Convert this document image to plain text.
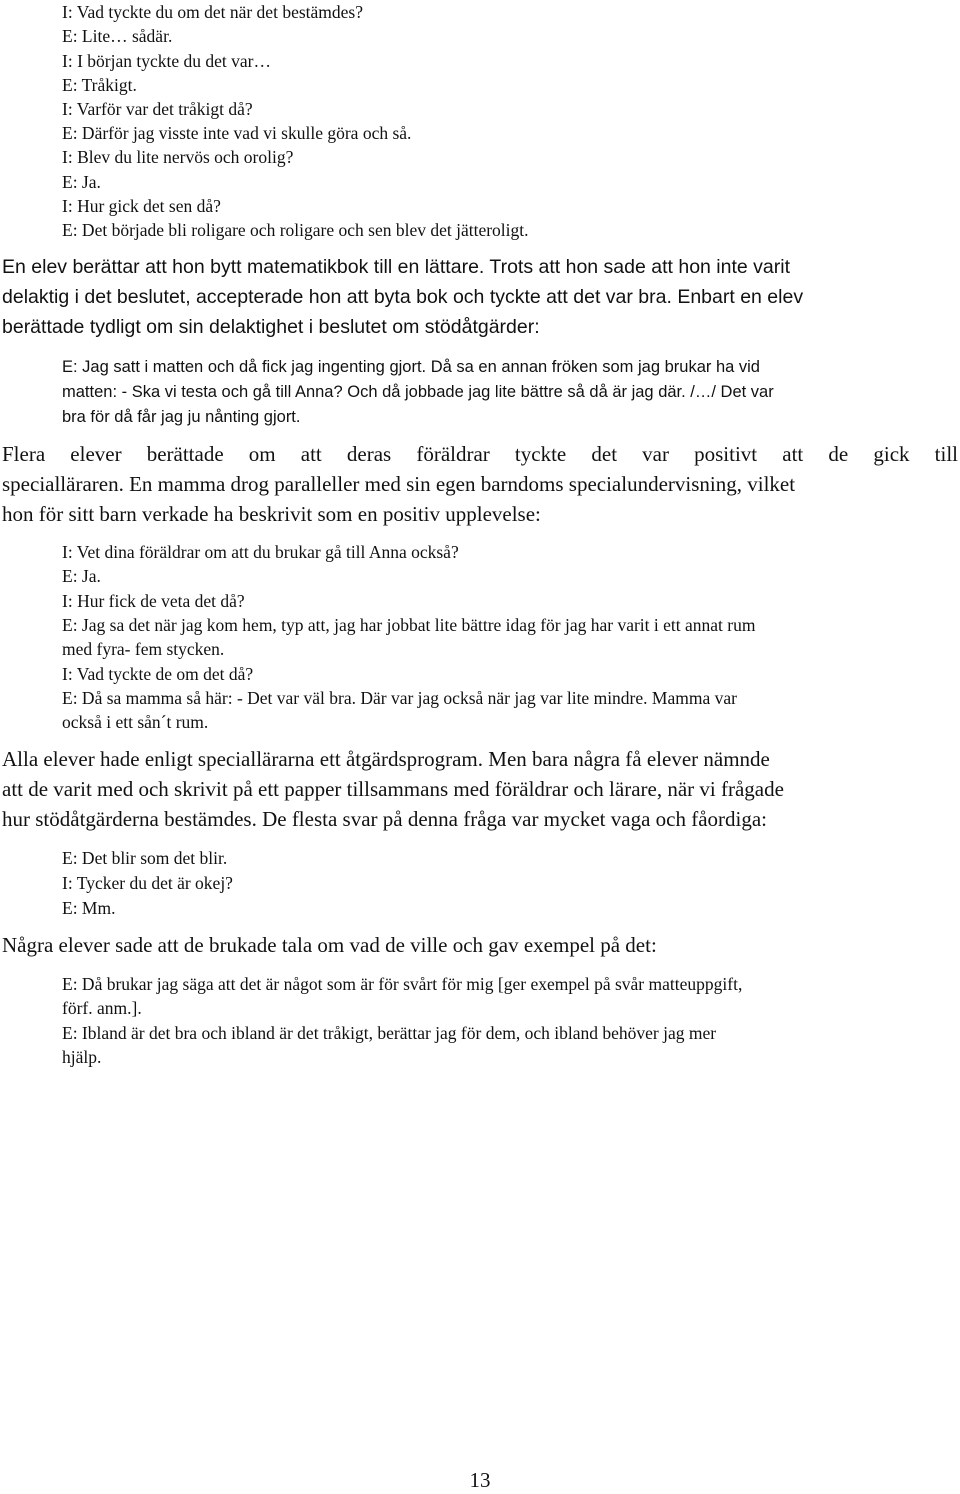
I: Vad tyckte du om det när det bestämdes?
E: Lite… sådär.
I: I början tyckte du det var…
E: Tråkigt.
I: Varför var det tråkigt då?
E: Därför jag visste inte vad vi skulle göra och så.
I: Blev du lite nervös och orolig?
E: Ja.
I: Hur gick det sen då?
E: Det började bli roligare och roligare och sen blev det jätteroligt.
En elev berättar att hon bytt matematikbok till en lättare. Trots att hon sade att hon inte varit
delaktig i det beslutet, accepterade hon att byta bok och tyckte att det var bra. Enbart en elev
berättade tydligt om sin delaktighet i beslutet om stödåtgärder:
E: Jag satt i matten och då fick jag ingenting gjort. Då sa en annan fröken som jag brukar ha vid
matten: - Ska vi testa och gå till Anna? Och då jobbade jag lite bättre så då är jag där. /…/ Det var
bra för då får jag ju nånting gjort.
Flera elever berättade om att deras föräldrar tyckte det var positivt att de gick till
specialläraren. En mamma drog paralleller med sin egen barndoms specialundervisning, vilket
hon för sitt barn verkade ha beskrivit som en positiv upplevelse:
I: Vet dina föräldrar om att du brukar gå till Anna också?
E: Ja.
I: Hur fick de veta det då?
E: Jag sa det när jag kom hem, typ att, jag har jobbat lite bättre idag för jag har varit i ett annat rum
med fyra- fem stycken.
I: Vad tyckte de om det då?
E: Då sa mamma så här: - Det var väl bra. Där var jag också när jag var lite mindre. Mamma var
också i ett sån´t rum.
Alla elever hade enligt speciallärarna ett åtgärdsprogram. Men bara några få elever nämnde
att de varit med och skrivit på ett papper tillsammans med föräldrar och lärare, när vi frågade
hur stödåtgärderna bestämdes. De flesta svar på denna fråga var mycket vaga och fåordiga:
E: Det blir som det blir.
I: Tycker du det är okej?
E: Mm.
Några elever sade att de brukade tala om vad de ville och gav exempel på det:
E: Då brukar jag säga att det är något som är för svårt för mig [ger exempel på svår matteuppgift,
förf. anm.].
E: Ibland är det bra och ibland är det tråkigt, berättar jag för dem, och ibland behöver jag mer
hjälp.
13
